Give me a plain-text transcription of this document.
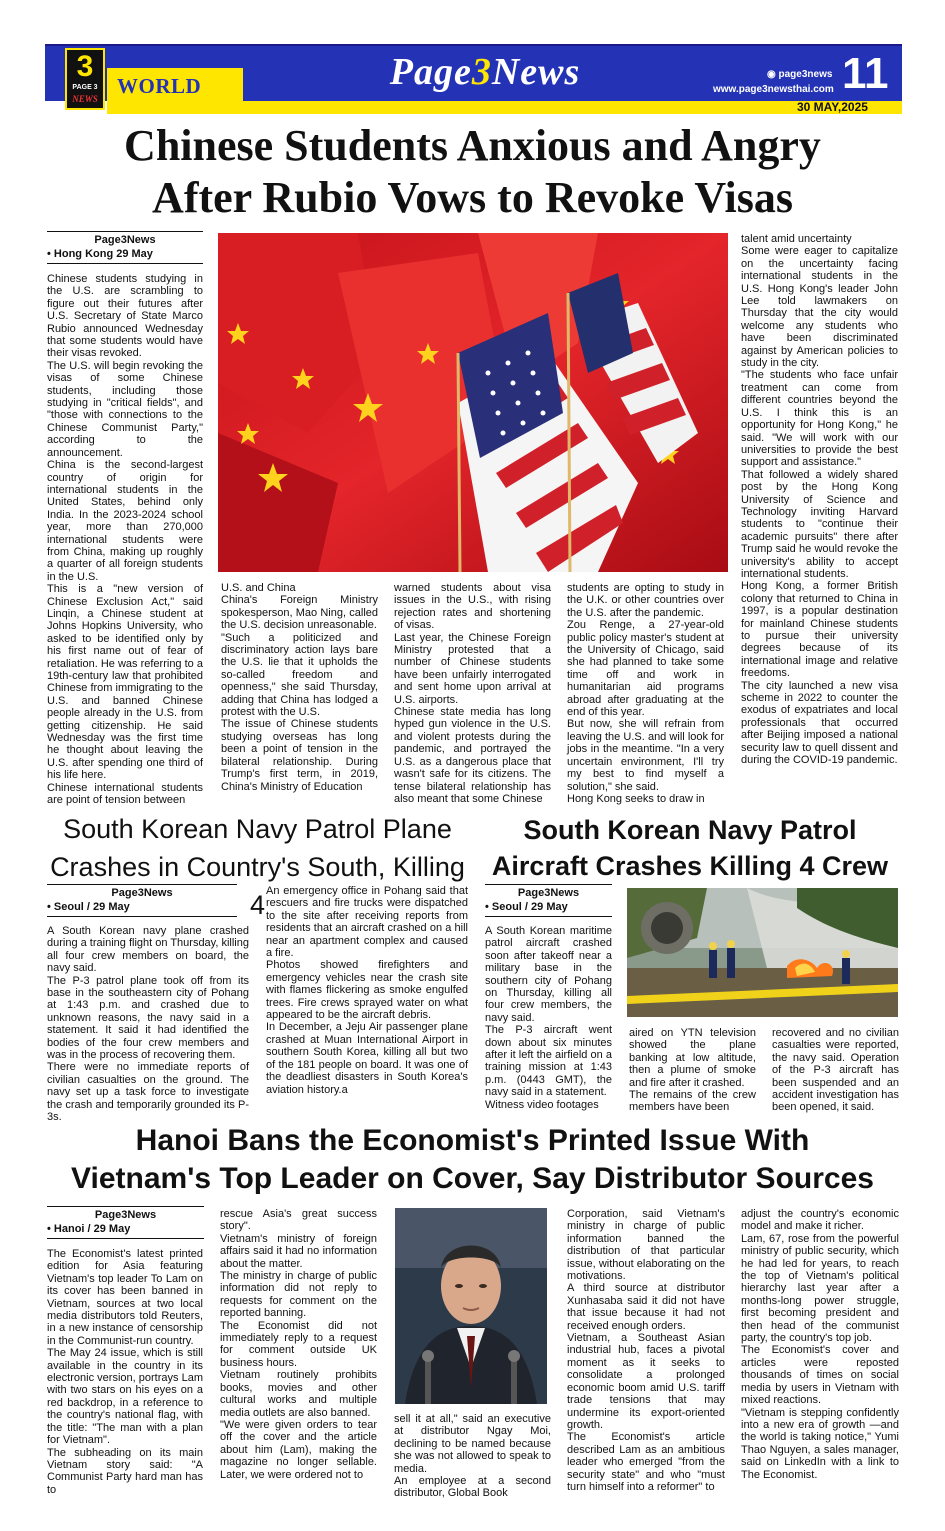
3
PAGE 3
NEWS
WORLD	Page3News	◉ page3news
www.page3newsthai.com 11
30 MAY,2025
Chinese Students Anxious and Angry
After Rubio Vows to Revoke Visas
Page3News
• Hong Kong 29 May

Chinese students studying in the U.S. are scrambling to figure out their futures after U.S. Secretary of State Marco Rubio announced Wednesday that some students would have their visas revoked.

The U.S. will begin revoking the visas of some Chinese students, including those studying in "critical fields", and "those with connections to the Chinese Communist Party," according to the announcement.

China is the second-largest country of origin for international students in the United States, behind only India. In the 2023-2024 school year, more than 270,000 international students were from China, making up roughly a quarter of all foreign students in the U.S.

This is a "new version of Chinese Exclusion Act," said Linqin, a Chinese student at Johns Hopkins University, who asked to be identified only by his first name out of fear of retaliation. He was referring to a 19th-century law that prohibited Chinese from immigrating to the U.S. and banned Chinese people already in the U.S. from getting citizenship. He said Wednesday was the first time he thought about leaving the U.S. after spending one third of his life here.

Chinese international students are point of tension between

U.S. and China

China's Foreign Ministry spokesperson, Mao Ning, called the U.S. decision unreasonable.

"Such a politicized and discriminatory action lays bare the U.S. lie that it upholds the so-called freedom and openness," she said Thursday, adding that China has lodged a protest with the U.S.

The issue of Chinese students studying overseas has long been a point of tension in the bilateral relationship. During Trump's first term, in 2019, China's Ministry of Education

warned students about visa issues in the U.S., with rising rejection rates and shortening of visas.

Last year, the Chinese Foreign Ministry protested that a number of Chinese students have been unfairly interrogated and sent home upon arrival at U.S. airports.

Chinese state media has long hyped gun violence in the U.S. and violent protests during the pandemic, and portrayed the U.S. as a dangerous place that wasn't safe for its citizens. The tense bilateral relationship has also meant that some Chinese

students are opting to study in the U.K. or other countries over the U.S. after the pandemic.

Zou Renge, a 27-year-old public policy master's student at the University of Chicago, said she had planned to take some time off and work in humanitarian aid programs abroad after graduating at the end of this year.

But now, she will refrain from leaving the U.S. and will look for jobs in the meantime. "In a very uncertain environment, I'll try my best to find myself a solution," she said.

Hong Kong seeks to draw in

talent amid uncertainty

Some were eager to capitalize on the uncertainty facing international students in the U.S. Hong Kong's leader John Lee told lawmakers on Thursday that the city would welcome any students who have been discriminated against by American policies to study in the city.

"The students who face unfair treatment can come from different countries beyond the U.S. I think this is an opportunity for Hong Kong," he said. "We will work with our universities to provide the best support and assistance."

That followed a widely shared post by the Hong Kong University of Science and Technology inviting Harvard students to "continue their academic pursuits" there after Trump said he would revoke the university's ability to accept international students.

Hong Kong, a former British colony that returned to China in 1997, is a popular destination for mainland Chinese students to pursue their university degrees because of its international image and relative freedoms.

The city launched a new visa scheme in 2022 to counter the exodus of expatriates and local professionals that occurred after Beijing imposed a national security law to quell dissent and during the COVID-19 pandemic.

South Korean Navy Patrol Plane
Crashes in Country's South, Killing 4
Page3News
• Seoul / 29 May

A South Korean navy plane crashed during a training flight on Thursday, killing all four crew members on board, the navy said.

The P-3 patrol plane took off from its base in the southeastern city of Pohang at 1:43 p.m. and crashed due to unknown reasons, the navy said in a statement. It said it had identified the bodies of the four crew members and was in the process of recovering them.

There were no immediate reports of civilian casualties on the ground. The navy set up a task force to investigate the crash and temporarily grounded its P-3s.

An emergency office in Pohang said that rescuers and fire trucks were dispatched to the site after receiving reports from residents that an aircraft crashed on a hill near an apartment complex and caused a fire.

Photos showed firefighters and emergency vehicles near the crash site with flames flickering as smoke engulfed trees. Fire crews sprayed water on what appeared to be the aircraft debris.

In December, a Jeju Air passenger plane crashed at Muan International Airport in southern South Korea, killing all but two of the 181 people on board. It was one of the deadliest disasters in South Korea's aviation history.a

South Korean Navy Patrol
Aircraft Crashes Killing 4 Crew
Page3News
• Seoul / 29 May

A South Korean maritime patrol aircraft crashed soon after takeoff near a military base in the southern city of Pohang on Thursday, killing all four crew members, the navy said.

The P-3 aircraft went down about six minutes after it left the airfield on a training mission at 1:43 p.m. (0443 GMT), the navy said in a statement.

Witness video footages

aired on YTN television showed the plane banking at low altitude, then a plume of smoke and fire after it crashed.

The remains of the crew members have been

recovered and no civilian casualties were reported, the navy said. Operation of the P-3 aircraft has been suspended and an accident investigation has been opened, it said.

Hanoi Bans the Economist's Printed Issue With
Vietnam's Top Leader on Cover, Say Distributor Sources
Page3News
• Hanoi / 29 May

The Economist's latest printed edition for Asia featuring Vietnam's top leader To Lam on its cover has been banned in Vietnam, sources at two local media distributors told Reuters, in a new instance of censorship in the Communist-run country.

The May 24 issue, which is still available in the country in its electronic version, portrays Lam with two stars on his eyes on a red backdrop, in a reference to the country's national flag, with the title: "The man with a plan for Vietnam".

The subheading on its main Vietnam story said: "A Communist Party hard man has to

rescue Asia's great success story".

Vietnam's ministry of foreign affairs said it had no information about the matter.

The ministry in charge of public information did not reply to requests for comment on the reported banning.

The Economist did not immediately reply to a request for comment outside UK business hours.

Vietnam routinely prohibits books, movies and other cultural works and multiple media outlets are also banned.

"We were given orders to tear off the cover and the article about him (Lam), making the magazine no longer sellable. Later, we were ordered not to

sell it at all," said an executive at distributor Ngay Moi, declining to be named because she was not allowed to speak to media.

An employee at a second distributor, Global Book

Corporation, said Vietnam's ministry in charge of public information banned the distribution of that particular issue, without elaborating on the motivations.

A third source at distributor Xunhasaba said it did not have that issue because it had not received enough orders.

Vietnam, a Southeast Asian industrial hub, faces a pivotal moment as it seeks to consolidate a prolonged economic boom amid U.S. tariff trade tensions that may undermine its export-oriented growth.

The Economist's article described Lam as an ambitious leader who emerged "from the security state" and who "must turn himself into a reformer" to

adjust the country's economic model and make it richer.

Lam, 67, rose from the powerful ministry of public security, which he had led for years, to reach the top of Vietnam's political hierarchy last year after a months-long power struggle, first becoming president and then head of the communist party, the country's top job.

The Economist's cover and articles were reposted thousands of times on social media by users in Vietnam with mixed reactions.

"Vietnam is stepping confidently into a new era of growth —and the world is taking notice," Yumi Thao Nguyen, a sales manager, said on LinkedIn with a link to The Economist.
